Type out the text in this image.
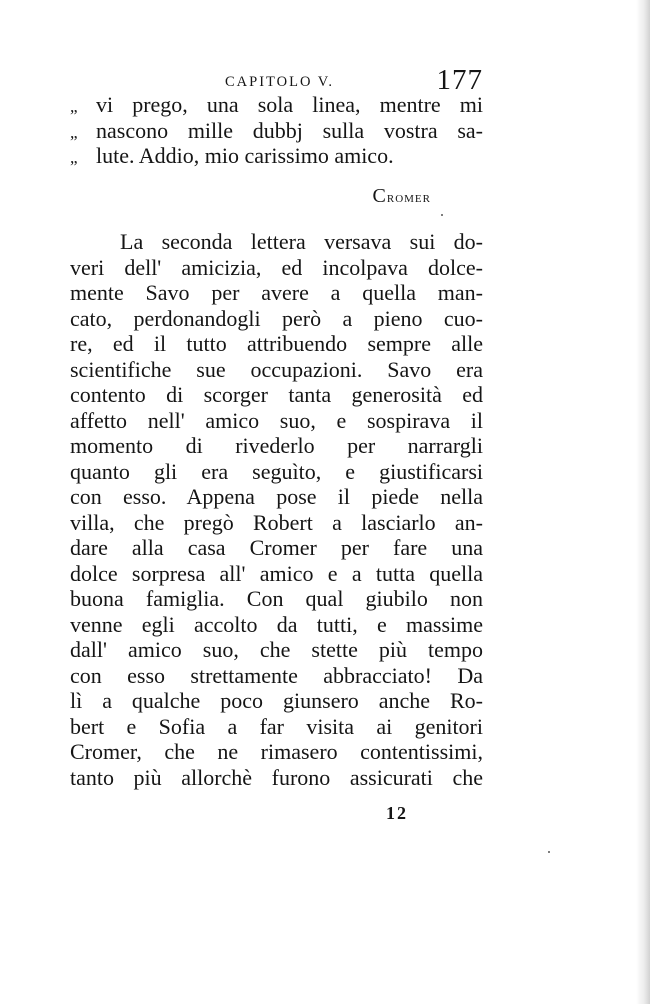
CAPITOLO V.	177
„ vi prego, una sola linea, mentre mi
„ nascono mille dubbj sulla vostra sa-
„ lute. Addio, mio carissimo amico.
Cromer
La seconda lettera versava sui do-
veri dell' amicizia, ed incolpava dolce-
mente Savo per avere a quella man-
cato, perdonandogli però a pieno cuo-
re, ed il tutto attribuendo sempre alle
scientifiche sue occupazioni. Savo era
contento di scorger tanta generosità ed
affetto nell' amico suo, e sospirava il
momento di rivederlo per narrargli
quanto gli era seguìto, e giustificarsi
con esso. Appena pose il piede nella
villa, che pregò Robert a lasciarlo an-
dare alla casa Cromer per fare una
dolce sorpresa all' amico e a tutta quella
buona famiglia. Con qual giubilo non
venne egli accolto da tutti, e massime
dall' amico suo, che stette più tempo
con esso strettamente abbracciato! Da
lì a qualche poco giunsero anche Ro-
bert e Sofia a far visita ai genitori
Cromer, che ne rimasero contentissimi,
tanto più allorchè furono assicurati che
12
